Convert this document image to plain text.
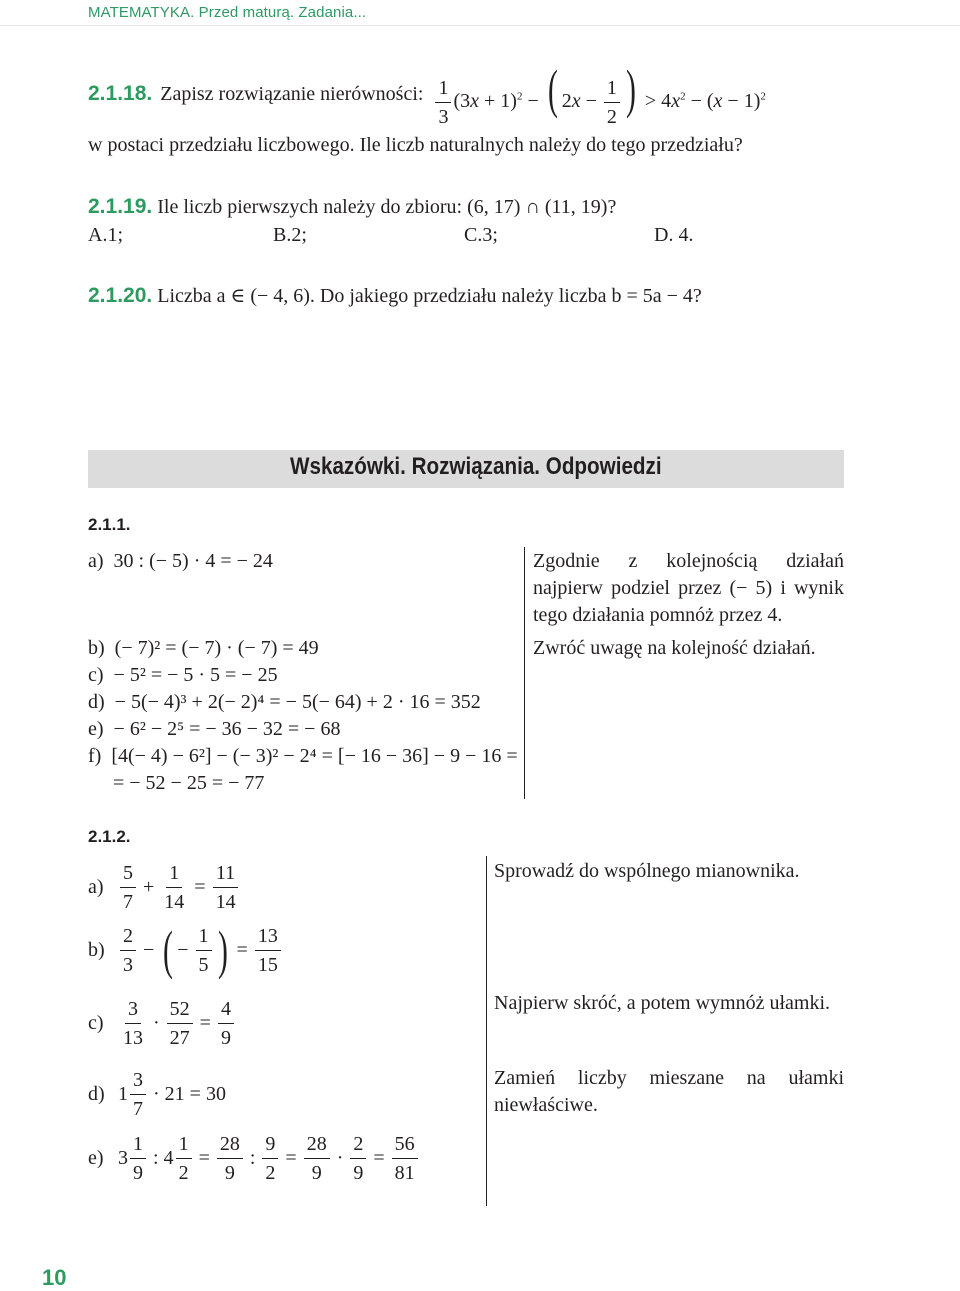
MATEMATYKA. Przed maturą. Zadania...
2.1.18. Zapisz rozwiązanie nierówności: $\frac{1}{3} (3x + 1)^2$ − ( $2x - \frac{1}{2}$ ) > $4x^2 - (x - 1)^2$
w postaci przedziału liczbowego. Ile liczb naturalnych należy do tego przedziału?
2.1.19. Ile liczb pierwszych należy do zbioru: (6, 17) ∩ (11, 19)?
A.1;	B.2;	C.3;	D. 4.
2.1.20. Liczba a ∈ (− 4, 6). Do jakiego przedziału należy liczba b = 5a − 4?
Wskazówki. Rozwiązania. Odpowiedzi
2.1.1.
a)  30 : (− 5) · 4 = − 24
b)  (− 7)² = (− 7) · (− 7) = 49
c)  − 5² = − 5 · 5 = − 25
d)  − 5(− 4)³ + 2(− 2)⁴ = − 5(− 64) + 2 · 16 = 352
e)  − 6² − 2⁵ = − 36 − 32 = − 68
f)  [4(− 4) − 6²] − (− 3)² − 2⁴ = [− 16 − 36] − 9 − 16 =
= − 52 − 25 = − 77
Zgodnie z kolejnością działań najpierw podziel przez (− 5) i wynik tego działania pomnóż przez 4.
Zwróć uwagę na kolejność działań.
2.1.2.
$a) \frac{5}{7} + \frac{1}{14} = \frac{11}{14}$
$b) \frac{2}{3}$ − ( − $\frac{1}{5}$ ) = $\frac{13}{15}$
$c) \frac{3}{13} \cdot \frac{52}{27} = \frac{4}{9}$
d) $1 \frac{3}{7} \cdot 21 = 30$
e) $3 \frac{1}{9}$ : $4 \frac{1}{2} = \frac{28}{9}$ : $\frac{9}{2} = \frac{28}{9} \cdot \frac{2}{9} = \frac{56}{81}$
Sprowadź do wspólnego mianownika.
Najpierw skróć, a potem wymnóż ułamki.
Zamień liczby mieszane na ułamki niewłaściwe.
10
